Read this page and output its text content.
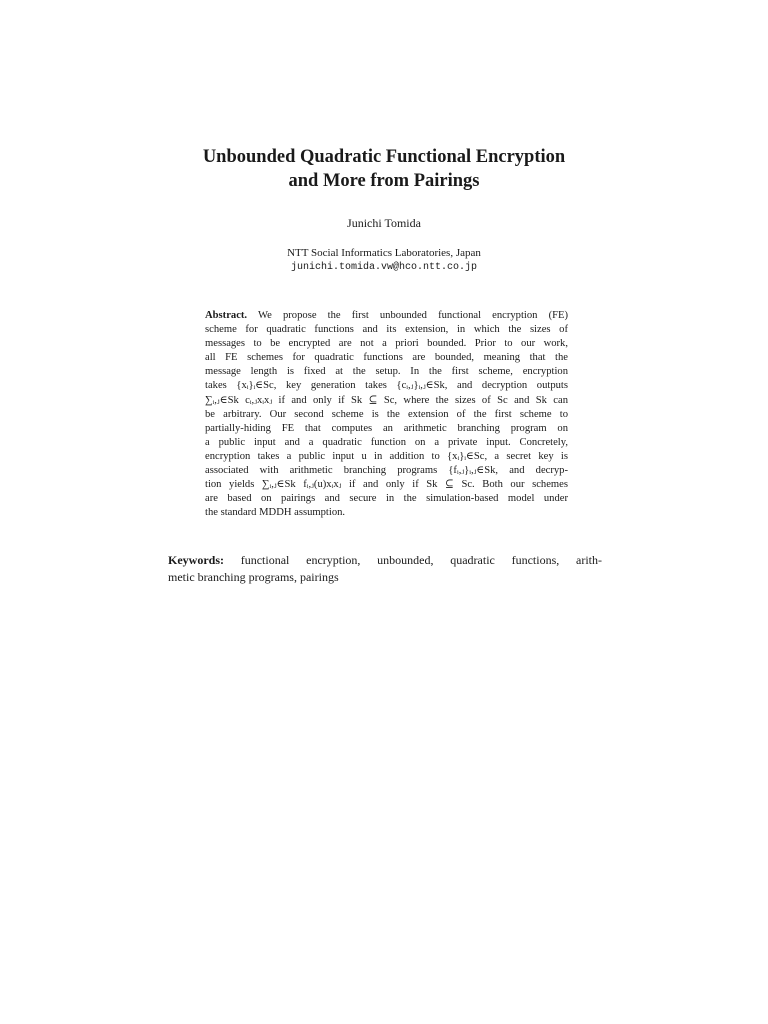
Unbounded Quadratic Functional Encryption
and More from Pairings
Junichi Tomida
NTT Social Informatics Laboratories, Japan
junichi.tomida.vw@hco.ntt.co.jp
Abstract. We propose the first unbounded functional encryption (FE)
scheme for quadratic functions and its extension, in which the sizes of
messages to be encrypted are not a priori bounded. Prior to our work,
all FE schemes for quadratic functions are bounded, meaning that the
message length is fixed at the setup. In the first scheme, encryption
takes {xᵢ}ᵢ∈Sc, key generation takes {cᵢ,ⱼ}ᵢ,ⱼ∈Sk, and decryption outputs
∑ᵢ,ⱼ∈Sk cᵢ,ⱼxᵢxⱼ if and only if Sk ⊆ Sc, where the sizes of Sc and Sk can
be arbitrary. Our second scheme is the extension of the first scheme to
partially-hiding FE that computes an arithmetic branching program on
a public input and a quadratic function on a private input. Concretely,
encryption takes a public input u in addition to {xᵢ}ᵢ∈Sc, a secret key is
associated with arithmetic branching programs {fᵢ,ⱼ}ᵢ,ⱼ∈Sk, and decryp-
tion yields ∑ᵢ,ⱼ∈Sk fᵢ,ⱼ(u)xᵢxⱼ if and only if Sk ⊆ Sc. Both our schemes
are based on pairings and secure in the simulation-based model under
the standard MDDH assumption.
Keywords: functional encryption, unbounded, quadratic functions, arith-
metic branching programs, pairings
